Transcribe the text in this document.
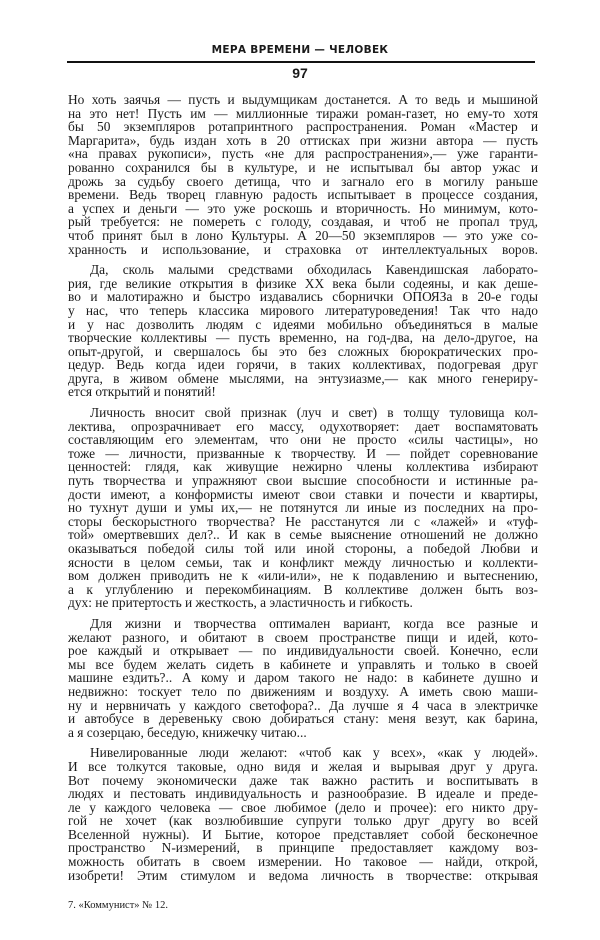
МЕРА ВРЕМЕНИ — ЧЕЛОВЕК
97
Но хоть заячья — пусть и выдумщикам достанется. А то ведь и мышиной
на это нет! Пусть им — миллионные тиражи роман-газет, но ему-то хотя
бы 50 экземпляров ротапринтного распространения. Роман «Мастер и
Маргарита», будь издан хоть в 20 оттисках при жизни автора — пусть
«на правах рукописи», пусть «не для распространения»,— уже гаранти-
рованно сохранился бы в культуре, и не испытывал бы автор ужас и
дрожь за судьбу своего детища, что и загнало его в могилу раньше
времени. Ведь творец главную радость испытывает в процессе создания,
а успех и деньги — это уже роскошь и вторичность. Но минимум, кото-
рый требуется: не помереть с голоду, создавая, и чтоб не пропал труд,
чтоб принят был в лоно Культуры. А 20—50 экземпляров — это уже со-
хранность и использование, и страховка от интеллектуальных воров.
Да, сколь малыми средствами обходилась Кавендишская лаборато-
рия, где великие открытия в физике XX века были содеяны, и как деше-
во и малотиражно и быстро издавались сборнички ОПОЯЗа в 20-е годы
у нас, что теперь классика мирового литературоведения! Так что надо
и у нас дозволить людям с идеями мобильно объединяться в малые
творческие коллективы — пусть временно, на год-два, на дело-другое, на
опыт-другой, и свершалось бы это без сложных бюрократических про-
цедур. Ведь когда идеи горячи, в таких коллективах, подогревая друг
друга, в живом обмене мыслями, на энтузиазме,— как много генериру-
ется открытий и понятий!
Личность вносит свой признак (луч и свет) в толщу туловища кол-
лектива, опрозрачнивает его массу, одухотворяет: дает воспамятовать
составляющим его элементам, что они не просто «силы частицы», но
тоже — личности, призванные к творчеству. И — пойдет соревнование
ценностей: глядя, как живущие нежирно члены коллектива избирают
путь творчества и упражняют свои высшие способности и истинные ра-
дости имеют, а конформисты имеют свои ставки и почести и квартиры,
но тухнут души и умы их,— не потянутся ли иные из последних на про-
сторы бескорыстного творчества? Не расстанутся ли с «лажей» и «туф-
той» омертвевших дел?.. И как в семье выяснение отношений не должно
оказываться победой силы той или иной стороны, а победой Любви и
ясности в целом семьи, так и конфликт между личностью и коллекти-
вом должен приводить не к «или-или», не к подавлению и вытеснению,
а к углублению и перекомбинациям. В коллективе должен быть воз-
дух: не притертость и жесткость, а эластичность и гибкость.
Для жизни и творчества оптимален вариант, когда все разные и
желают разного, и обитают в своем пространстве пищи и идей, кото-
рое каждый и открывает — по индивидуальности своей. Конечно, если
мы все будем желать сидеть в кабинете и управлять и только в своей
машине ездить?.. А кому и даром такого не надо: в кабинете душно и
недвижно: тоскует тело по движениям и воздуху. А иметь свою маши-
ну и нервничать у каждого светофора?.. Да лучше я 4 часа в электричке
и автобусе в деревеньку свою добираться стану: меня везут, как барина,
а я созерцаю, беседую, книжечку читаю...
Нивелированные люди желают: «чтоб как у всех», «как у людей».
И все толкутся таковые, одно видя и желая и вырывая друг у друга.
Вот почему экономически даже так важно растить и воспитывать в
людях и пестовать индивидуальность и разнообразие. В идеале и преде-
ле у каждого человека — свое любимое (дело и прочее): его никто дру-
гой не хочет (как возлюбившие супруги только друг другу во всей
Вселенной нужны). И Бытие, которое представляет собой бесконечное
пространство N-измерений, в принципе предоставляет каждому воз-
можность обитать в своем измерении. Но таковое — найди, открой,
изобрети! Этим стимулом и ведома личность в творчестве: открывая
7. «Коммунист» № 12.
